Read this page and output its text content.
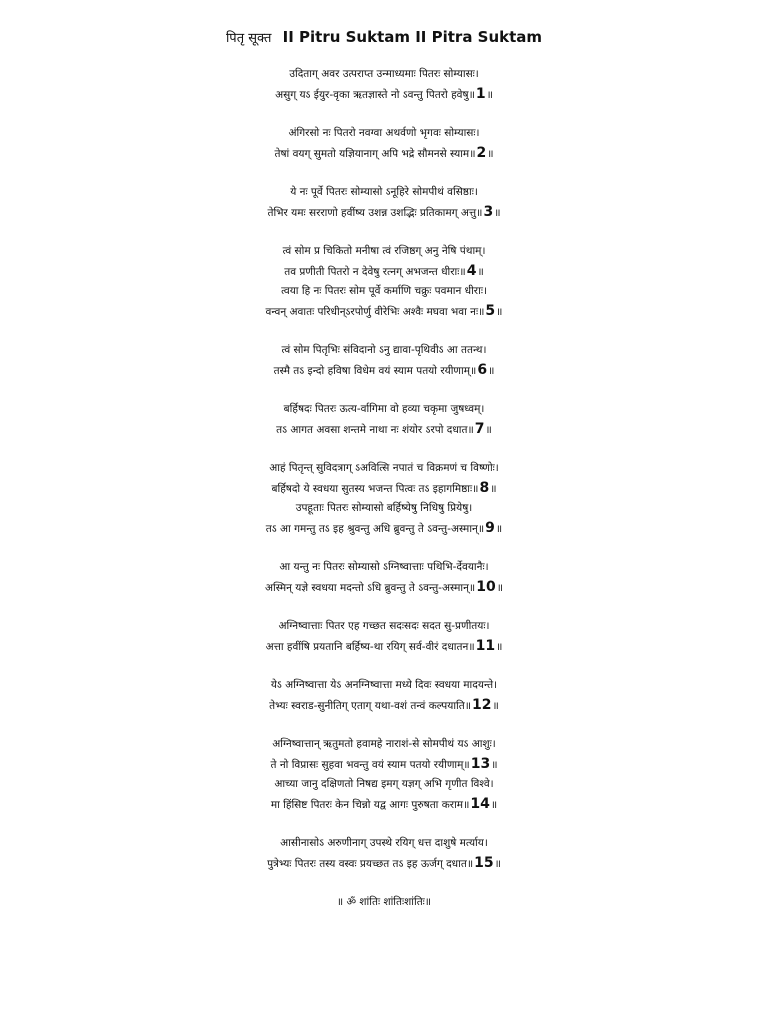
पितृ सूक्त II Pitru Suktam II Pitra Suktam
उदिताग् अवर उत्पराप्त उन्माध्यमाः पितरः सोम्यासः।
असुग् यऽ ईयुर-वृका ऋतज्ञास्ते नो ऽवन्तु पितरो हवेषु॥1॥
अंगिरसो नः पितरो नवग्वा अथर्वणो भृगवः सोम्यासः।
तेषां वयग् सुमतो यज्ञियानाग् अपि भद्रे सौमनसे स्याम॥2॥
ये नः पूर्वे पितरः सोम्यासो ऽनूहिरे सोमपीथं वसिष्ठाः।
तेभिर यमः सरराणो हवींष्य उशन्न उशद्भिः प्रतिकामग् अत्तु॥3॥
त्वं सोम प्र चिकितो मनीषा त्वं रजिष्ठग् अनु नेषि पंथाम्।
तव प्रणीती पितरो न देवेषु रत्नग् अभजन्त धीराः॥4॥
त्वया हि नः पितरः सोम पूर्वे कर्माणि चक्रुः पवमान धीराः।
वन्वन् अवातः परिधीन्ऽरपोर्णु वीरेभिः अश्वैः मघवा भवा नः॥5॥
त्वं सोम पितृभिः संविदानो ऽनु द्यावा-पृथिवीऽ आ ततन्थ।
तस्मै तऽ इन्दो हविषा विधेम वयं स्याम पतयो रयीणाम्॥6॥
बर्हिषदः पितरः ऊत्य-र्वागिमा वो हव्या चकृमा जुषध्वम्।
तऽ आगत अवसा शन्तमे नाथा नः शंयोर ऽरपो दधात॥7॥
आहं पितृन्त् सुविदत्राग् ऽअवित्सि नपातं च विक्रमणं च विष्णोः।
बर्हिषदो ये स्वधया सुतस्य भजन्त पित्वः तऽ इहागमिष्ठाः॥8॥
उपहूताः पितरः सोम्यासो बर्हिष्येषु निधिषु प्रियेषु।
तऽ आ गमन्तु तऽ इह श्रुवन्तु अधि ब्रुवन्तु ते ऽवन्तु-अस्मान्॥9॥
आ यन्तु नः पितरः सोम्यासो ऽग्निष्वात्ताः पथिभि-र्देवयानैः।
अस्मिन् यज्ञे स्वधया मदन्तो ऽधि ब्रुवन्तु ते ऽवन्तु-अस्मान्॥10॥
अग्निष्वात्ताः पितर एह गच्छत सदःसदः सदत सु-प्रणीतयः।
अत्ता हवींषि प्रयतानि बर्हिष्य-था रयिग् सर्व-वीरं दधातन॥11॥
येऽ अग्निष्वात्ता येऽ अनग्निष्वात्ता मध्ये दिवः स्वधया मादयन्ते।
तेभ्यः स्वराड-सुनीतिग् एताग् यथा-वशं तन्वं कल्पयाति॥12॥
अग्निष्वात्तान् ऋतुमतो हवामहे नाराशं-से सोमपीथं यऽ आशुः।
ते नो विप्रासः सुहवा भवन्तु वयं स्याम पतयो रयीणाम्॥13॥
आच्या जानु दक्षिणतो निषद्य इमग् यज्ञग् अभि गृणीत विश्वे।
मा हिंसिष्ट पितरः केन चिन्नो यद्व आगः पुरुषता कराम॥14॥
आसीनासोऽ अरुणीनाग् उपस्थे रयिग् धत्त दाशुषे मर्त्याय।
पुत्रेभ्यः पितरः तस्य वस्वः प्रयच्छत तऽ इह ऊर्जग् दधात॥15॥
॥ ॐ शांतिः शांतिःशांतिः॥
